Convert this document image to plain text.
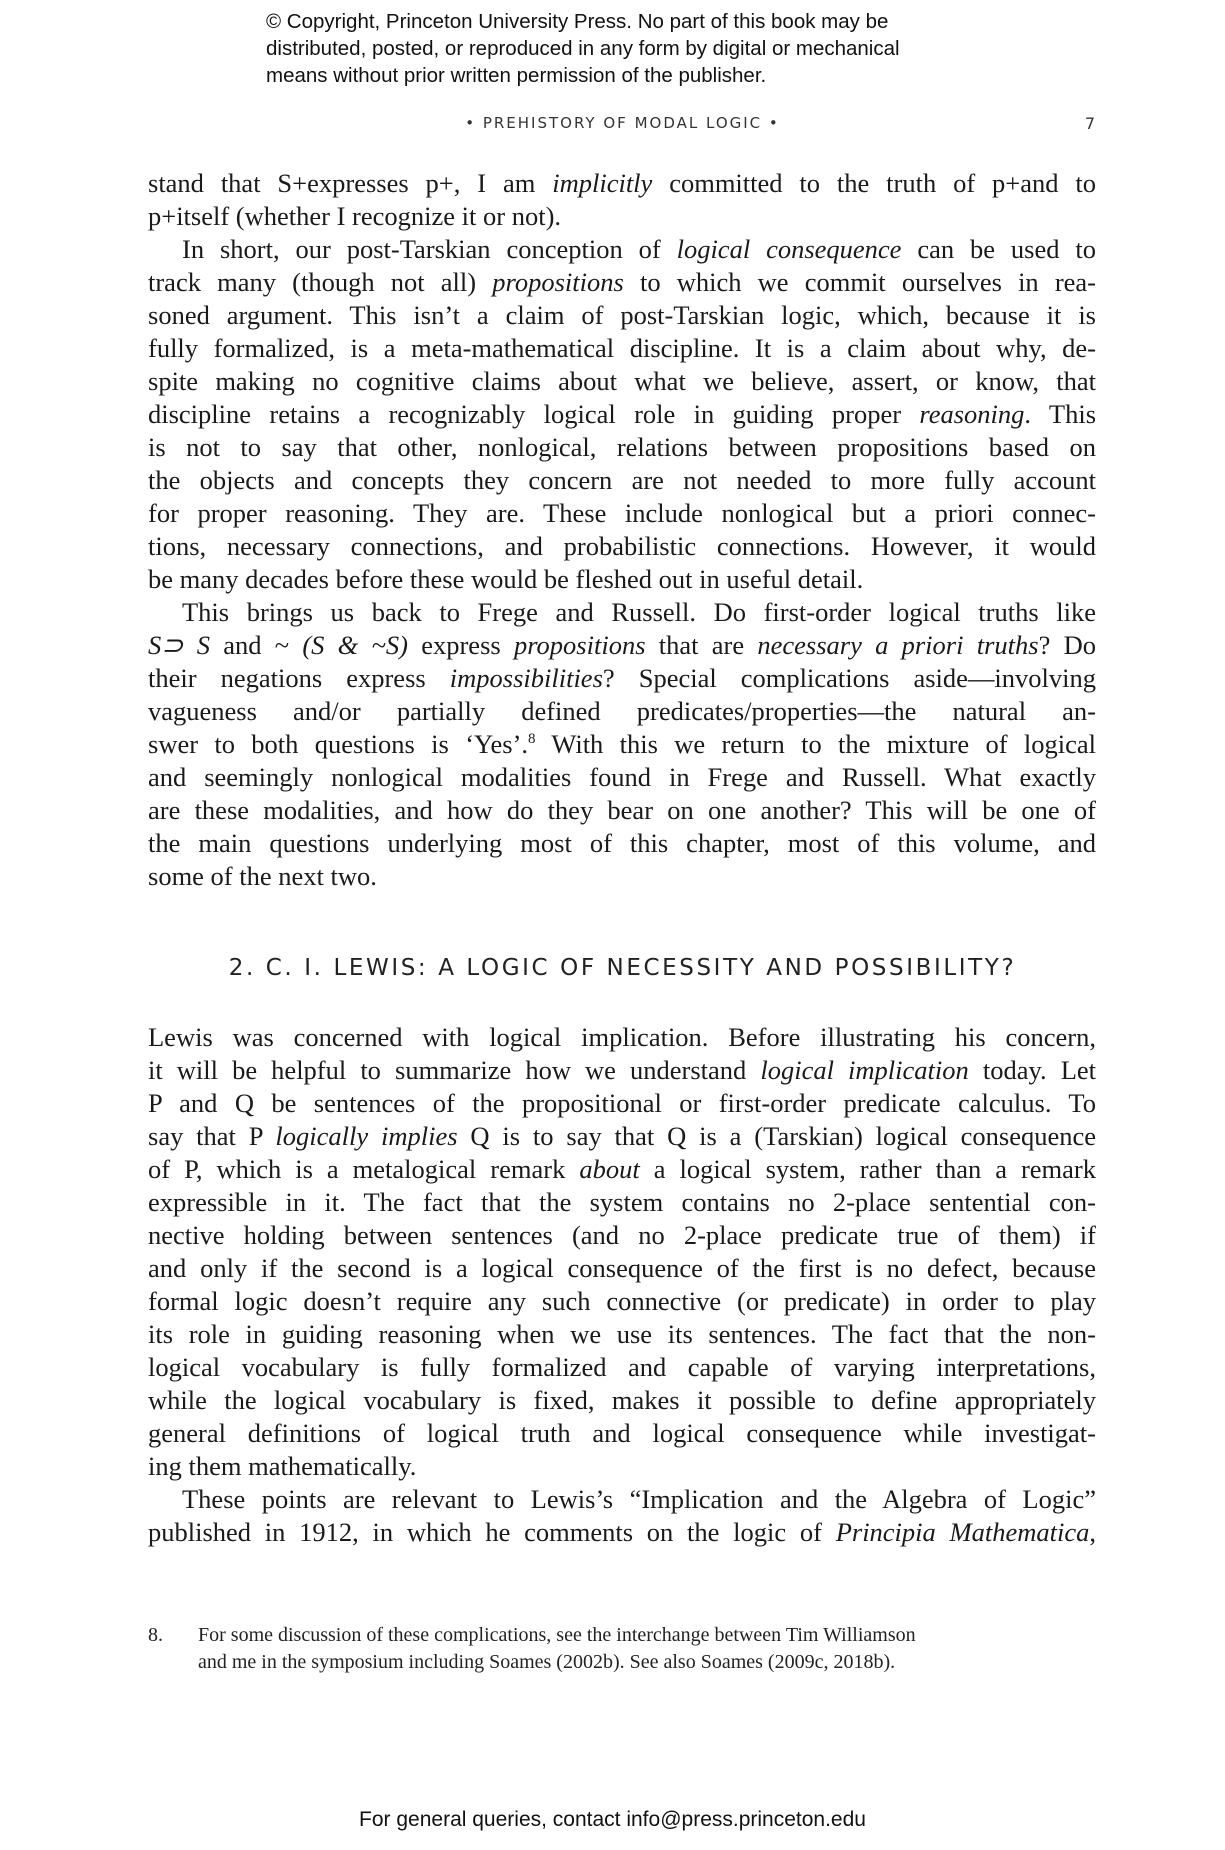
© Copyright, Princeton University Press. No part of this book may be
distributed, posted, or reproduced in any form by digital or mechanical
means without prior written permission of the publisher.
• PREHISTORY OF MODAL LOGIC •	7
stand that S+expresses p+, I am implicitly committed to the truth of p+and to
p+itself (whether I recognize it or not).
In short, our post-Tarskian conception of logical consequence can be used to
track many (though not all) propositions to which we commit ourselves in rea-
soned argument. This isn’t a claim of post-Tarskian logic, which, because it is
fully formalized, is a meta-mathematical discipline. It is a claim about why, de-
spite making no cognitive claims about what we believe, assert, or know, that
discipline retains a recognizably logical role in guiding proper reasoning. This
is not to say that other, nonlogical, relations between propositions based on
the objects and concepts they concern are not needed to more fully account
for proper reasoning. They are. These include nonlogical but a priori connec-
tions, necessary connections, and probabilistic connections. However, it would
be many decades before these would be fleshed out in useful detail.
This brings us back to Frege and Russell. Do first-order logical truths like
S⊃ S and ~ (S & ~S) express propositions that are necessary a priori truths? Do
their negations express impossibilities? Special complications aside—involving
vagueness and/or partially defined predicates/properties—the natural an-
swer to both questions is ‘Yes’.$^8$ With this we return to the mixture of logical
and seemingly nonlogical modalities found in Frege and Russell. What exactly
are these modalities, and how do they bear on one another? This will be one of
the main questions underlying most of this chapter, most of this volume, and
some of the next two.
2. C. I. LEWIS: A LOGIC OF NECESSITY AND POSSIBILITY?
Lewis was concerned with logical implication. Before illustrating his concern,
it will be helpful to summarize how we understand logical implication today. Let
P and Q be sentences of the propositional or first-order predicate calculus. To
say that P logically implies Q is to say that Q is a (Tarskian) logical consequence
of P, which is a metalogical remark about a logical system, rather than a remark
expressible in it. The fact that the system contains no 2-place sentential con-
nective holding between sentences (and no 2-place predicate true of them) if
and only if the second is a logical consequence of the first is no defect, because
formal logic doesn’t require any such connective (or predicate) in order to play
its role in guiding reasoning when we use its sentences. The fact that the non-
logical vocabulary is fully formalized and capable of varying interpretations,
while the logical vocabulary is fixed, makes it possible to define appropriately
general definitions of logical truth and logical consequence while investigat-
ing them mathematically.
These points are relevant to Lewis’s “Implication and the Algebra of Logic”
published in 1912, in which he comments on the logic of Principia Mathematica,
8. For some discussion of these complications, see the interchange between Tim Williamson
and me in the symposium including Soames (2002b). See also Soames (2009c, 2018b).
For general queries, contact info@press.princeton.edu
